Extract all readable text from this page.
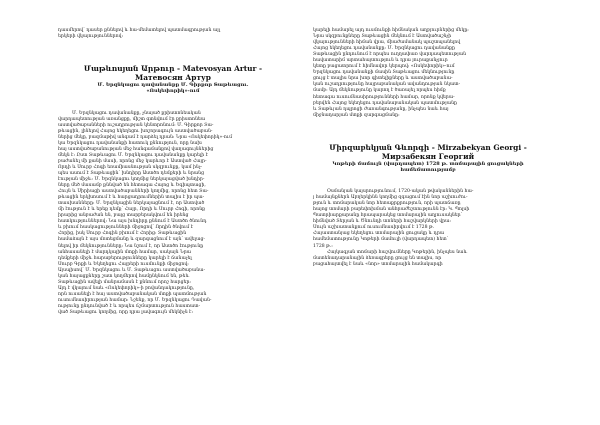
դասմերով՝ դասեր քննելով և հա-մեմատելով պատմագրության այլ

երկերի վկայություններով:

Մաթևոսյան Արթուր - Matevosyan Artur -
Матевосян Артур
Մ. Երզնկացու դավանանքը Մ. Գիրքոր Տաթևացու.
«Ոսկեփորիկ»-ում

Մ. Երզնկացու դավանանքը, չնայած քրիստոնեական

վարդապետության առանցքը, միշտ գտնվում էր քրիստոնեա

աստվածաբանների ուշադրության կենտրոնում: Մ. Գիրքոր Տա-

թևացին, լինելով Հայոց եկեղեցու խոշորագույն աստվածաբան-

ներից մեկը, բազմաթիվ անգամ է դարձել դրան: Նրա «Ոսկեփորիկ»-ում

կա Երզնկացու դավանանքի հատուկ քննություն, որը նախ

հայ աստվածաբանության մեջ հանգամանքով վաղագույններից

մեկն է: Ըստ Տաթևացու Մ. Երզնկացու դավանանքը կարելի է

բաժանել մի քանի մասի, որոնց մեջ կարևոր է Աստված Հայր-

Որդի և Սուրբ Հոգի եռամիասնության սկզբունքը, կամ ինչ-

պես ասում է Տաթևացին՝ խնդիրը Աստծո դեմքերի և նրանց

էության միջև: Մ. Երզնկացու կողմից ներկայացված խնդիր-

ները մեծ մասամբ քննված են հետագա Հայոց և Եգիպտացի,

Հույն և Սիրիացի աստվածաբանների կողմից, որոնց հետ Տա-

թևացին երկխոսում է և հարցադրումներին տալիս է իր պա-

տասխանները: Մ. Երզնկացին ներկայացնում է, որ Աստված

մի էություն է և երեք դեմք՝ Հայր, Որդի և Սուրբ Հոգի, որոնք

իրարից անբաժան են, բայց տարբերակվում են իրենց

հատկություններով: Նա այս խնդիրը քննում է Աստծո ծնունդ

և բխում հասկացությունների միջոցով՝ Որդին ծնվում է

Հորից, իսկ Սուրբ Հոգին բխում է Հորից: Տաթևացին

համաձայն է այս մոտեցմանը և զարգացնում է այն՝ ավելաց-

նելով իր մեկնությունները: Նա նշում է, որ Աստծո էությունը

անհասանելի է մարդկային մտքի համար, սակայն Նրա

դեմքերի միջև հարաբերությունները կարելի է ճանաչել

Սուրբ Գրքի և Եկեղեցու Հայրերի ուսմունքի միջոցով:

Այսպիսով՝ Մ. Երզնկացու և Մ. Տաթևացու աստվածաբանա-

կան հայացքները շատ կողմերով համընկնում են, թեև

Տաթևացին ավելի մանրամասն է քննում որոշ հարցեր:

Այդ է վկայում նաև «Ոսկեփորիկ»-ի բովանդակությունը,

որն ուսանելի է հայ աստվածաբանական մտքի պատմության

ուսումնասիրության համար: Նշենք, որ Մ. Երզնկացու Դավան-

ությունը ընդունված է և որպես ճշմարտություն հաստատ-

ված Տաթևացու կողմից, որը դրա լավագույն մեկնիչն է:

կարելի համարել այդ ուսմունքի հիմնական աղբյուրներից մեկը:

Նրա սկզբունքները Տաթևացին մեկնում է Աստվածաշնչի

վկայությունների հիման վրա, միաժամանակ պաշտպանելով

Հայոց եկեղեցու դավանանքը: Մ. Երզնկացու դավանանքը

Տաթևացին ընդունում է որպես ուղղափառ վարդապետության

հավատարիմ արտահայտություն և դրա յուրաքանչյուր

կետը բացատրում է հիմնավոր կերպով: «Ոսկեփորիկ»-ում

Երզնկացու դավանանքի մասին Տաթևացու մեկնությունը

ցույց է տալիս նրա խոր գիտելիքները և աստվածաբանա-

կան ուշադրությունը հայրաբանական ավանդության նկատ-

մամբ: Այդ մեկնությունը կարող է ծառայել որպես հիմք

հետագա ուսումնասիրությունների համար, որոնք կվերա-

բերվեն Հայոց եկեղեցու դավանաբանական պատմությանը

և Տաթևյան դպրոցի ժառանգությանը, ինչպես նաև հայ

միջնադարյան մտքի զարգացմանը:

Միրզաբեկյան Գևորգի - Mirzabekyan Georgi -
Мирзабекян Георгий
Կոթերի մամուլն (վարդապետ) 1728 թ. տոմարային ցուցակների
համեմատությամբ

Օսմանյան կայսրությունում, 1720-ական թվականներին հա-

յ համայնքներն Աբղերկինն կողմից զգացում էին նոր աշխուժու-

թյուն և տոմարական նոր հետաքրքրություն, որի պատճառը

հայոց տոմարի բարեփոխման անհրաժեշտությունն էր: Կ. Պոլսի

Պատրիարքարանը հրապարակեց տոմարային աղյուսակներ՝

հիմնված Տերյան և Ծնունդի տոների հաշվարկների վրա:

Սույն աշխատանքում ուսումնասիրվում է 1728 թ.

Հայաստանյաց եկեղեցու տոմարային ցուցակը և դրա

համեմատությունը Կոթերի մամուլի (վարդապետ) հետ՝

1728 թ.:

Հայկագյան տոմարի հաշվումները Կոթերին, ինչպես նաև

մատենադարանային ձեռագրերը ցույց են տալիս, որ

բացահայտվել է նաև «նոր» տոմարային համակարգի
